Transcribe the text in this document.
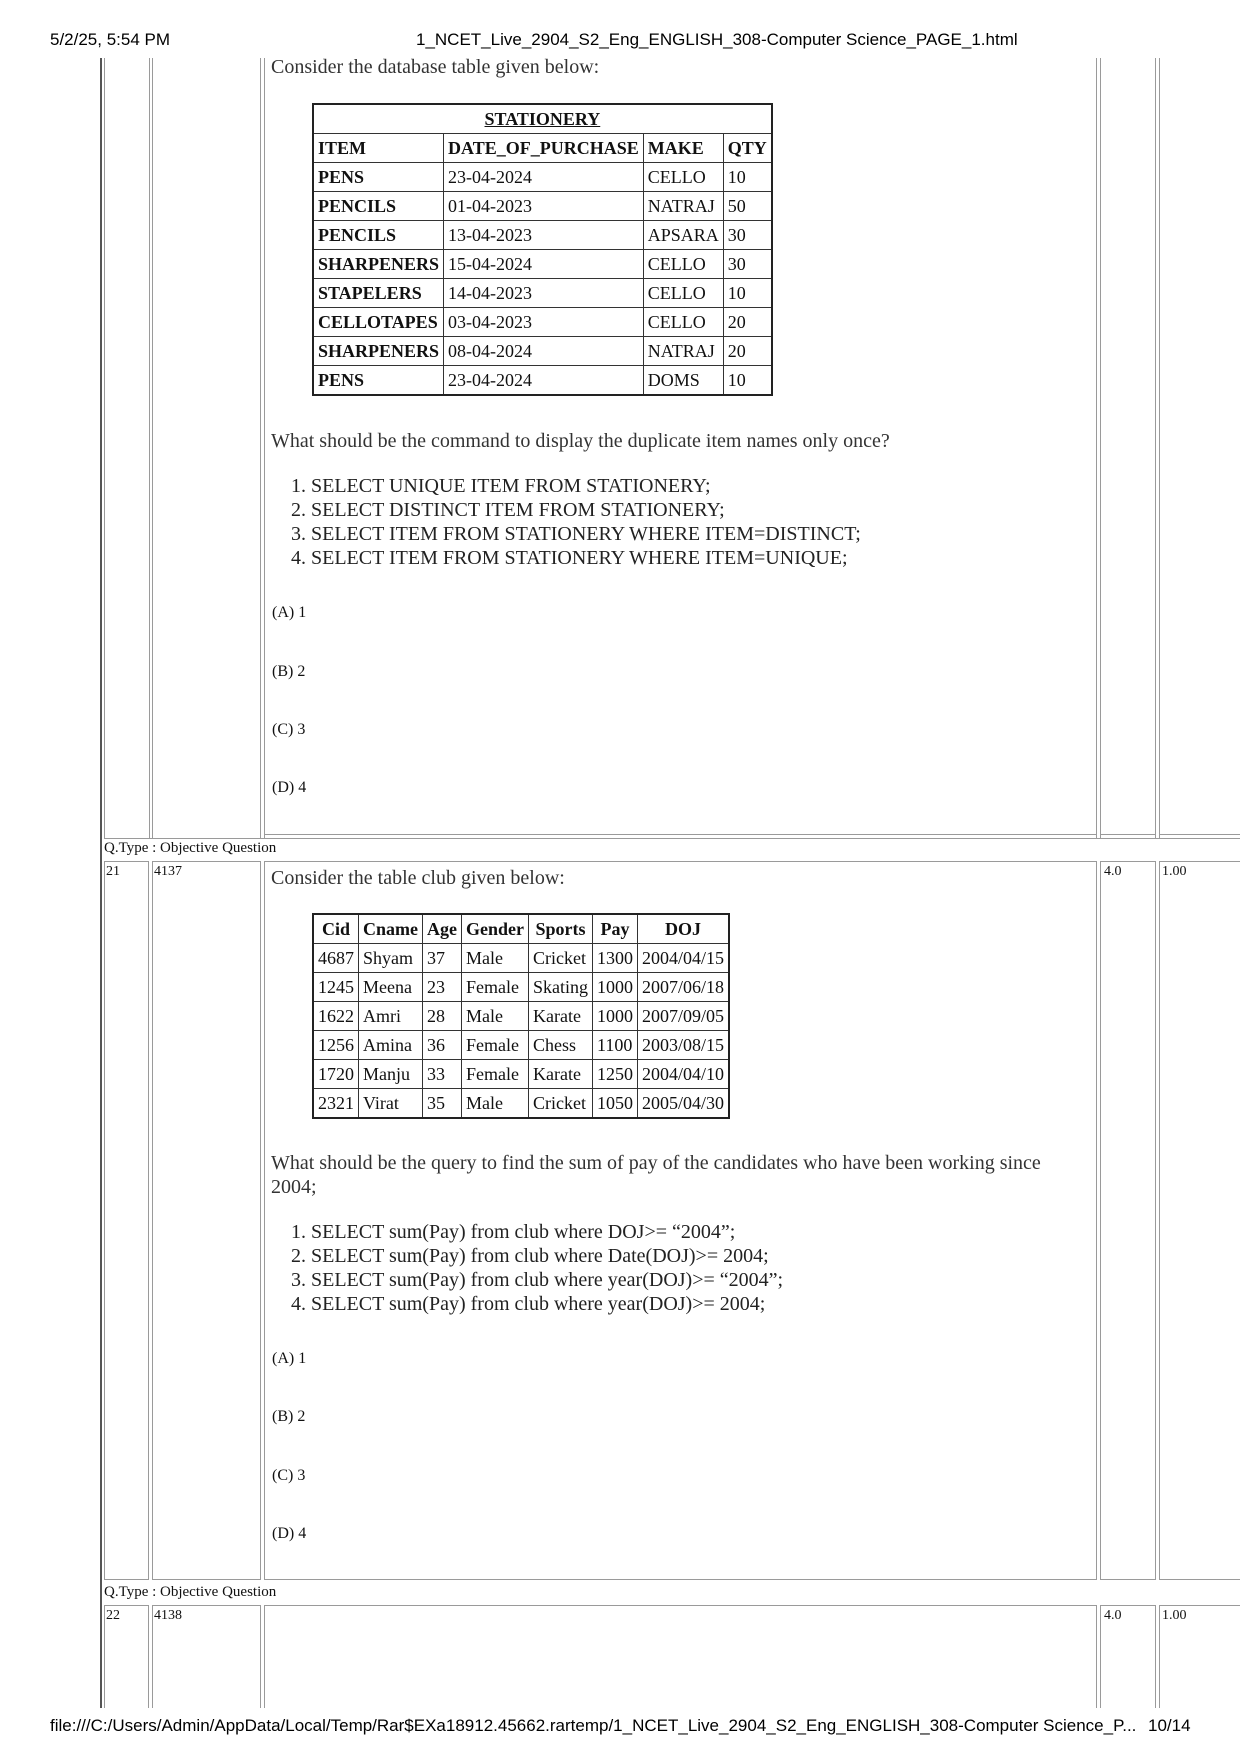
5/2/25, 5:54 PM	1_NCET_Live_2904_S2_Eng_ENGLISH_308-Computer Science_PAGE_1.html
Consider the database table given below:
STATIONERY			
ITEM	DATE_OF_PURCHASE	MAKE	QTY
PENS	23-04-2024	CELLO	10
PENCILS	01-04-2023	NATRAJ	50
PENCILS	13-04-2023	APSARA	30
SHARPENERS	15-04-2024	CELLO	30
STAPELERS	14-04-2023	CELLO	10
CELLOTAPES	03-04-2023	CELLO	20
SHARPENERS	08-04-2024	NATRAJ	20
PENS	23-04-2024	DOMS	10
What should be the command to display the duplicate item names only once?
1. SELECT UNIQUE ITEM FROM STATIONERY;
2. SELECT DISTINCT ITEM FROM STATIONERY;
3. SELECT ITEM FROM STATIONERY WHERE ITEM=DISTINCT;
4. SELECT ITEM FROM STATIONERY WHERE ITEM=UNIQUE;
(A) 1
(B) 2
(C) 3
(D) 4
Q.Type : Objective Question
21 4137	4.0	1.00
Consider the table club given below:
Cid	Cname	Age	Gender	Sports	Pay	DOJ
4687	Shyam	37	Male	Cricket	1300	2004/04/15
1245	Meena	23	Female	Skating	1000	2007/06/18
1622	Amri	28	Male	Karate	1000	2007/09/05
1256	Amina	36	Female	Chess	1100	2003/08/15
1720	Manju	33	Female	Karate	1250	2004/04/10
2321	Virat	35	Male	Cricket	1050	2005/04/30
What should be the query to find the sum of pay of the candidates who have been working since
2004;
1. SELECT sum(Pay) from club where DOJ>= “2004”;
2. SELECT sum(Pay) from club where Date(DOJ)>= 2004;
3. SELECT sum(Pay) from club where year(DOJ)>= “2004”;
4. SELECT sum(Pay) from club where year(DOJ)>= 2004;
(A) 1
(B) 2
(C) 3
(D) 4
Q.Type : Objective Question
22 4138	4.0	1.00
file:///C:/Users/Admin/AppData/Local/Temp/Rar$EXa18912.45662.rartemp/1_NCET_Live_2904_S2_Eng_ENGLISH_308-Computer Science_P... 10/14
